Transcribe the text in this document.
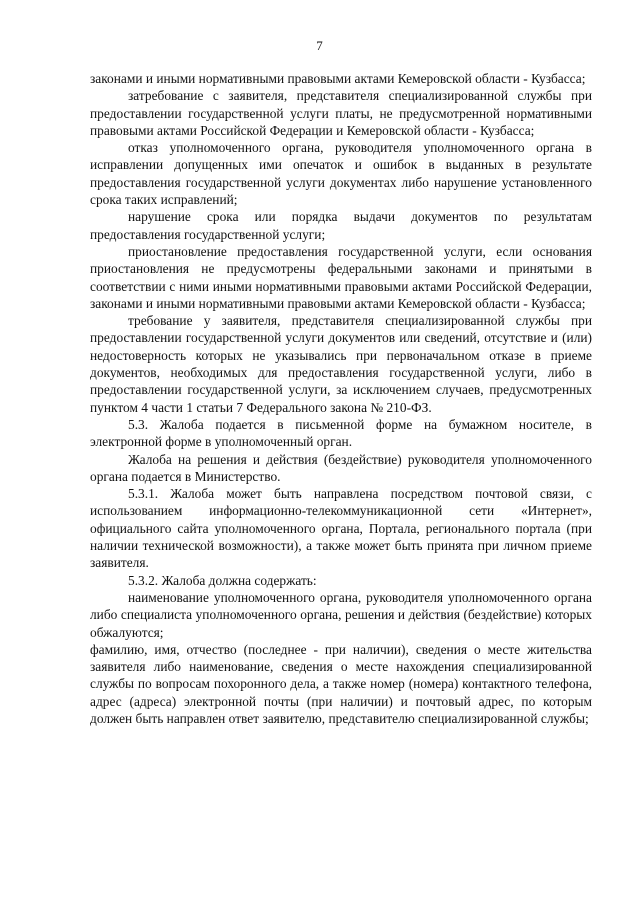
7

законами и иными нормативными правовыми актами Кемеровской области - Кузбасса;

затребование с заявителя, представителя специализированной службы при предоставлении государственной услуги платы, не предусмотренной нормативными правовыми актами Российской Федерации и Кемеровской области - Кузбасса;

отказ уполномоченного органа, руководителя уполномоченного органа в исправлении допущенных ими опечаток и ошибок в выданных в результате предоставления государственной услуги документах либо нарушение установленного срока таких исправлений;

нарушение срока или порядка выдачи документов по результатам предоставления государственной услуги;

приостановление предоставления государственной услуги, если основания приостановления не предусмотрены федеральными законами и принятыми в соответствии с ними иными нормативными правовыми актами Российской Федерации, законами и иными нормативными правовыми актами Кемеровской области - Кузбасса;

требование у заявителя, представителя специализированной службы при предоставлении государственной услуги документов или сведений, отсутствие и (или) недостоверность которых не указывались при первоначальном отказе в приеме документов, необходимых для предоставления государственной услуги, либо в предоставлении государственной услуги, за исключением случаев, предусмотренных пунктом 4 части 1 статьи 7 Федерального закона № 210-ФЗ.

5.3. Жалоба подается в письменной форме на бумажном носителе, в электронной форме в уполномоченный орган.

Жалоба на решения и действия (бездействие) руководителя уполномоченного органа подается в Министерство.

5.3.1. Жалоба может быть направлена посредством почтовой связи, с использованием информационно-телекоммуникационной сети «Интернет», официального сайта уполномоченного органа, Портала, регионального портала (при наличии технической возможности), а также может быть принята при личном приеме заявителя.

5.3.2. Жалоба должна содержать:

наименование уполномоченного органа, руководителя уполномоченного органа либо специалиста уполномоченного органа, решения и действия (бездействие) которых обжалуются;

фамилию, имя, отчество (последнее - при наличии), сведения о месте жительства заявителя либо наименование, сведения о месте нахождения специализированной службы по вопросам похоронного дела, а также номер (номера) контактного телефона, адрес (адреса) электронной почты (при наличии) и почтовый адрес, по которым должен быть направлен ответ заявителю, представителю специализированной службы;
